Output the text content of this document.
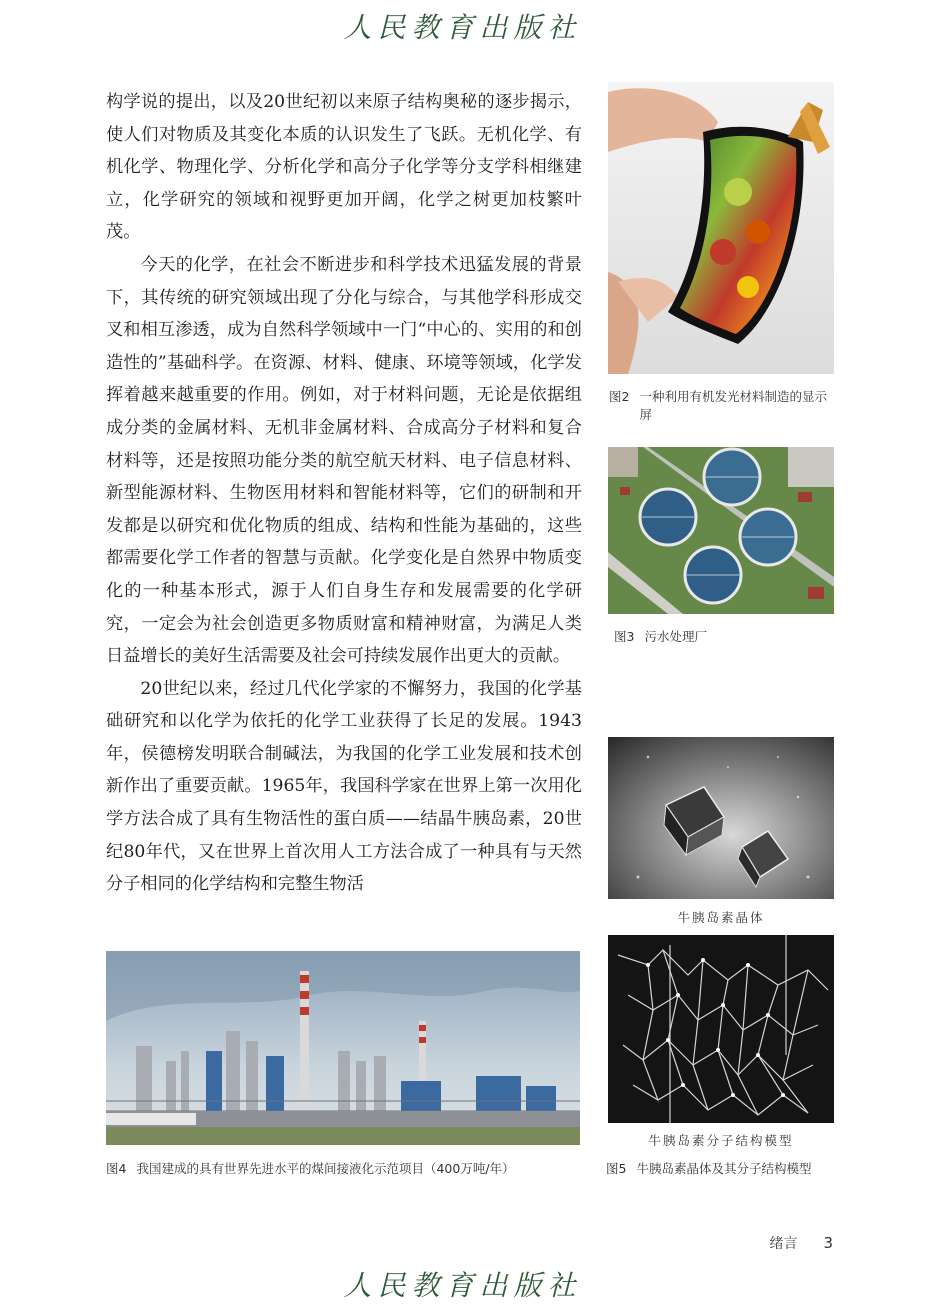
人民教育出版社

构学说的提出，以及20世纪初以来原子结构奥秘的逐步揭示，使人们对物质及其变化本质的认识发生了飞跃。无机化学、有机化学、物理化学、分析化学和高分子化学等分支学科相继建立，化学研究的领域和视野更加开阔，化学之树更加枝繁叶茂。

今天的化学，在社会不断进步和科学技术迅猛发展的背景下，其传统的研究领域出现了分化与综合，与其他学科形成交叉和相互渗透，成为自然科学领域中一门“中心的、实用的和创造性的”基础科学。在资源、材料、健康、环境等领域，化学发挥着越来越重要的作用。例如，对于材料问题，无论是依据组成分类的金属材料、无机非金属材料、合成高分子材料和复合材料等，还是按照功能分类的航空航天材料、电子信息材料、新型能源材料、生物医用材料和智能材料等，它们的研制和开发都是以研究和优化物质的组成、结构和性能为基础的，这些都需要化学工作者的智慧与贡献。化学变化是自然界中物质变化的一种基本形式，源于人们自身生存和发展需要的化学研究，一定会为社会创造更多物质财富和精神财富，为满足人类日益增长的美好生活需要及社会可持续发展作出更大的贡献。

20世纪以来，经过几代化学家的不懈努力，我国的化学基础研究和以化学为依托的化学工业获得了长足的发展。1943年，侯德榜发明联合制碱法，为我国的化学工业发展和技术创新作出了重要贡献。1965年，我国科学家在世界上第一次用化学方法合成了具有生物活性的蛋白质——结晶牛胰岛素，20世纪80年代，又在世界上首次用人工方法合成了一种具有与天然分子相同的化学结构和完整生物活

图2 一种利用有机发光材料制造的显示屏
图3 污水处理厂
牛胰岛素晶体
牛胰岛素分子结构模型
图5 牛胰岛素晶体及其分子结构模型
图4 我国建成的具有世界先进水平的煤间接液化示范项目（400万吨/年）
绪言 3
人民教育出版社
